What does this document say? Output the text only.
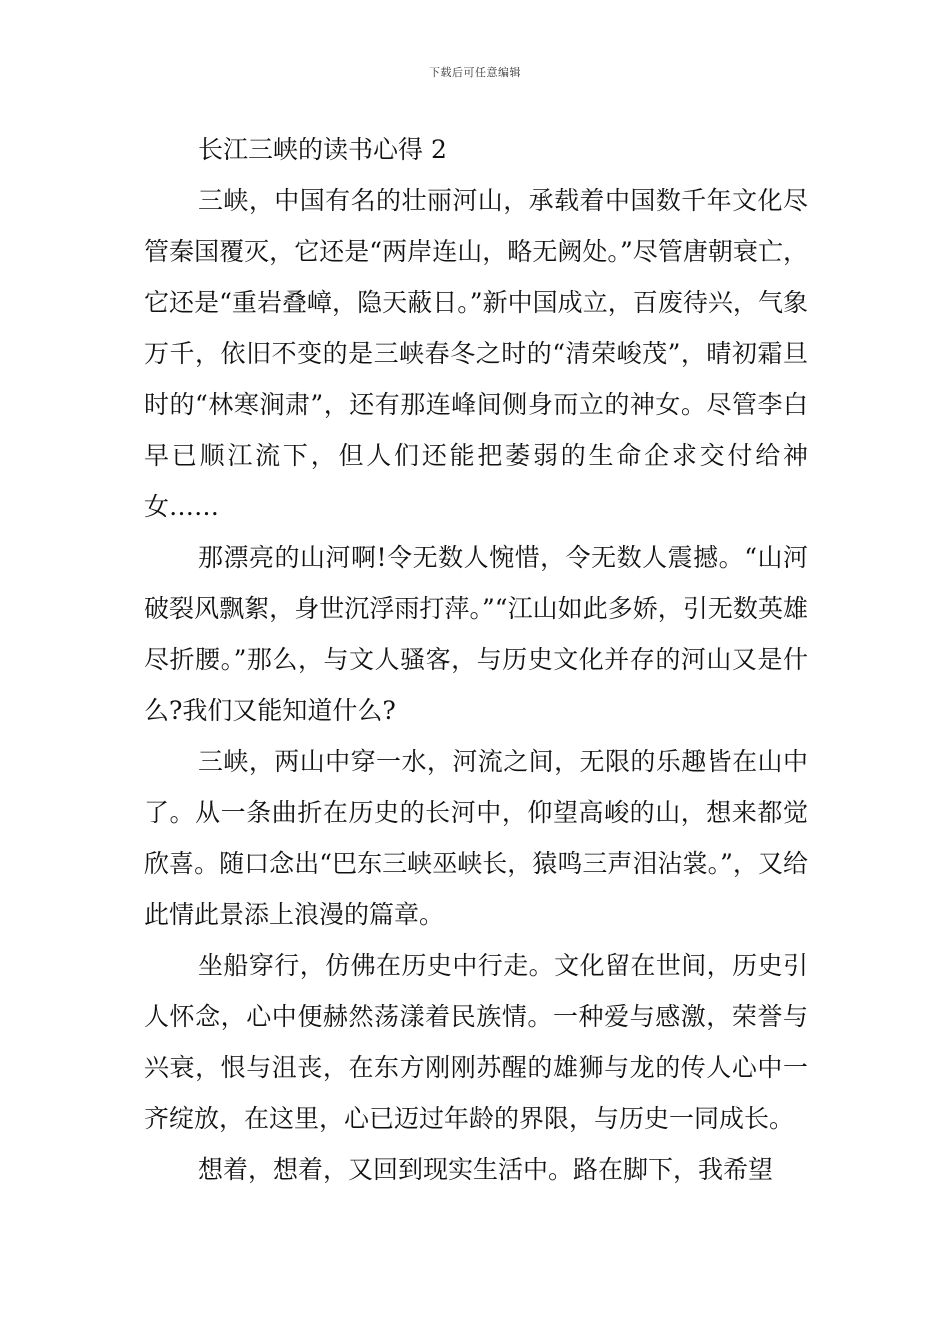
下载后可任意编辑
长江三峡的读书心得 2

三峡，中国有名的壮丽河山，承载着中国数千年文化尽管秦国覆灭，它还是“两岸连山，略无阙处。”尽管唐朝衰亡，它还是“重岩叠嶂，隐天蔽日。”新中国成立，百废待兴，气象万千，依旧不变的是三峡春冬之时的“清荣峻茂”，晴初霜旦时的“林寒涧肃”，还有那连峰间侧身而立的神女。尽管李白早已顺江流下，但人们还能把萎弱的生命企求交付给神女……

那漂亮的山河啊!令无数人惋惜，令无数人震撼。“山河破裂风飘絮，身世沉浮雨打萍。”“江山如此多娇，引无数英雄尽折腰。”那么，与文人骚客，与历史文化并存的河山又是什么?我们又能知道什么?

三峡，两山中穿一水，河流之间，无限的乐趣皆在山中了。从一条曲折在历史的长河中，仰望高峻的山，想来都觉欣喜。随口念出“巴东三峡巫峡长，猿鸣三声泪沾裳。”，又给此情此景添上浪漫的篇章。

坐船穿行，仿佛在历史中行走。文化留在世间，历史引人怀念，心中便赫然荡漾着民族情。一种爱与感激，荣誉与兴衰，恨与沮丧，在东方刚刚苏醒的雄狮与龙的传人心中一齐绽放，在这里，心已迈过年龄的界限，与历史一同成长。

想着，想着，又回到现实生活中。路在脚下，我希望
